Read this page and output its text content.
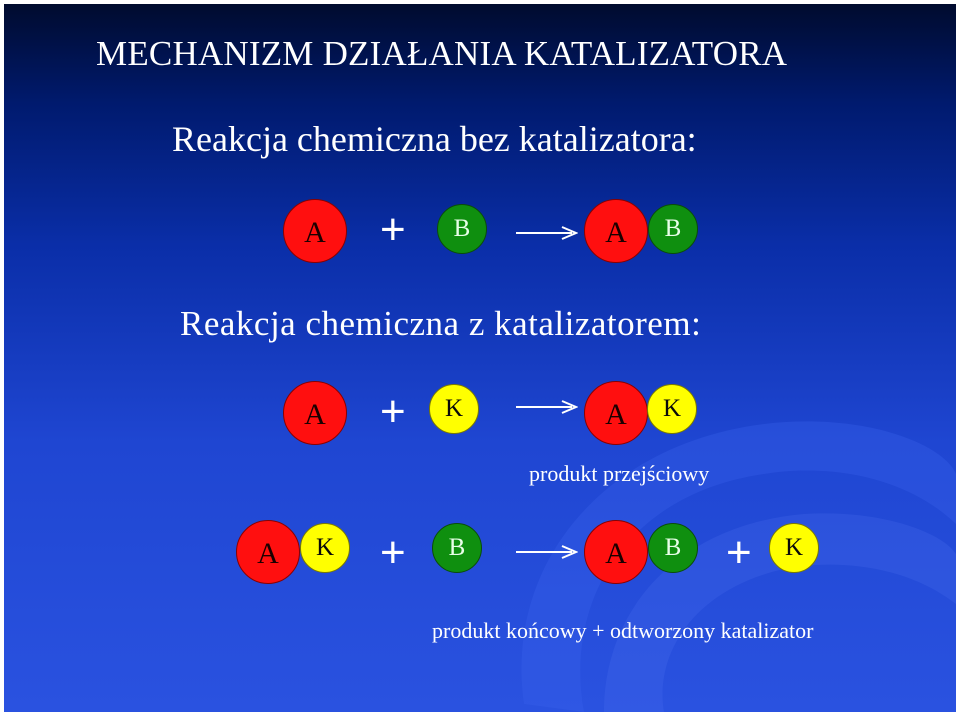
MECHANIZM DZIAŁANIA KATALIZATORA
Reakcja chemiczna bez katalizatora:
A	+	B	A	B
Reakcja chemiczna z katalizatorem:
A	+	K	A	K

produkt przejściowy

A	K	+	B	A	B	+	K

produkt końcowy + odtworzony katalizator
